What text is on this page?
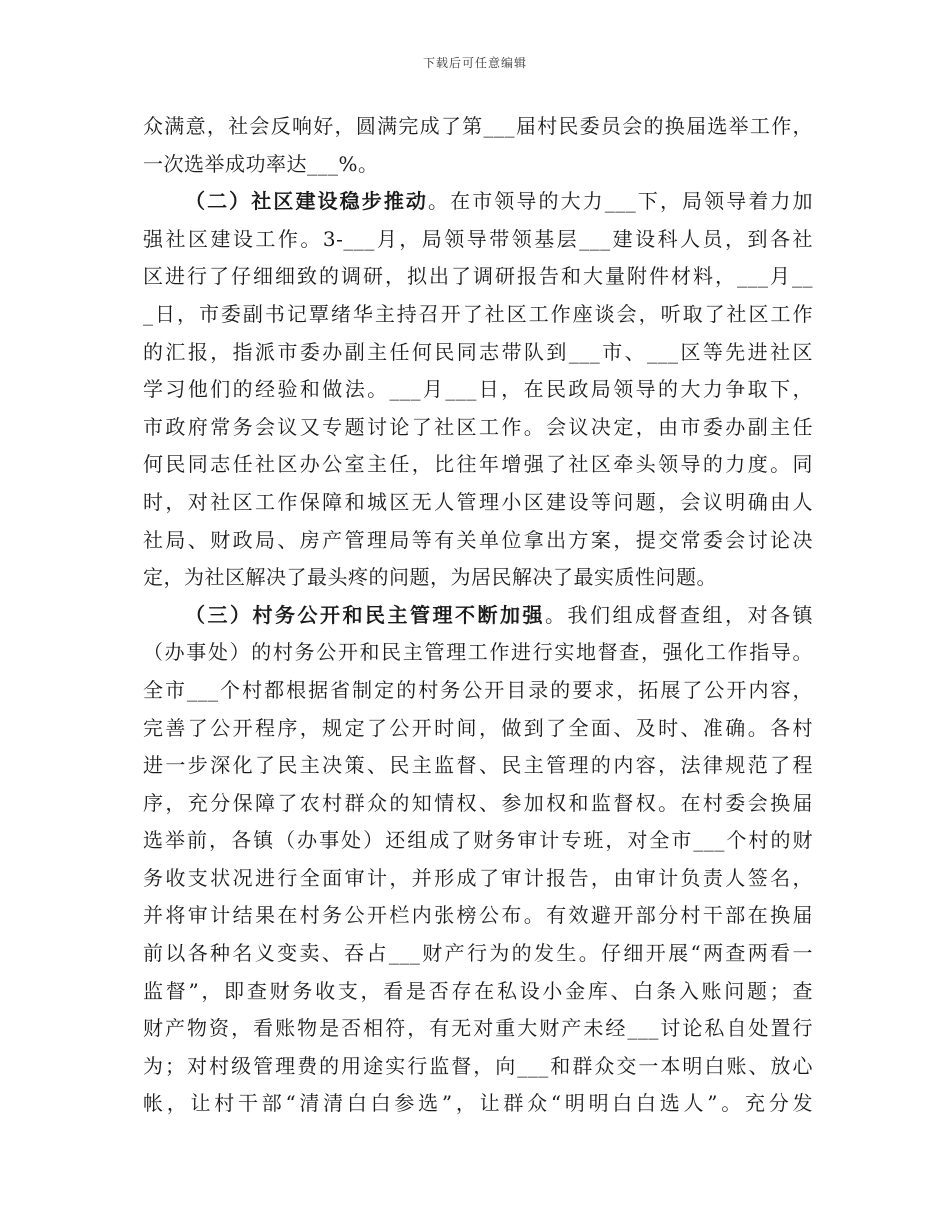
下载后可任意编辑
众满意，社会反响好，圆满完成了第___届村民委员会的换届选举工作，
一次选举成功率达___%。
（二）社区建设稳步推动。在市领导的大力___下，局领导着力加
强社区建设工作。3-___月，局领导带领基层___建设科人员，到各社
区进行了仔细细致的调研，拟出了调研报告和大量附件材料，___月__
_日，市委副书记覃绪华主持召开了社区工作座谈会，听取了社区工作
的汇报，指派市委办副主任何民同志带队到___市、___区等先进社区
学习他们的经验和做法。___月___日，在民政局领导的大力争取下，
市政府常务会议又专题讨论了社区工作。会议决定，由市委办副主任
何民同志任社区办公室主任，比往年增强了社区牵头领导的力度。同
时，对社区工作保障和城区无人管理小区建设等问题，会议明确由人
社局、财政局、房产管理局等有关单位拿出方案，提交常委会讨论决
定，为社区解决了最头疼的问题，为居民解决了最实质性问题。
（三）村务公开和民主管理不断加强。我们组成督查组，对各镇
（办事处）的村务公开和民主管理工作进行实地督查，强化工作指导。
全市___个村都根据省制定的村务公开目录的要求，拓展了公开内容，
完善了公开程序，规定了公开时间，做到了全面、及时、准确。各村
进一步深化了民主决策、民主监督、民主管理的内容，法律规范了程
序，充分保障了农村群众的知情权、参加权和监督权。在村委会换届
选举前，各镇（办事处）还组成了财务审计专班，对全市___个村的财
务收支状况进行全面审计，并形成了审计报告，由审计负责人签名，
并将审计结果在村务公开栏内张榜公布。有效避开部分村干部在换届
前以各种名义变卖、吞占___财产行为的发生。仔细开展“两查两看一
监督”，即查财务收支，看是否存在私设小金库、白条入账问题；查
财产物资，看账物是否相符，有无对重大财产未经___讨论私自处置行
为；对村级管理费的用途实行监督，向___和群众交一本明白账、放心
帐，让村干部“清清白白参选”，让群众“明明白白选人”。充分发
